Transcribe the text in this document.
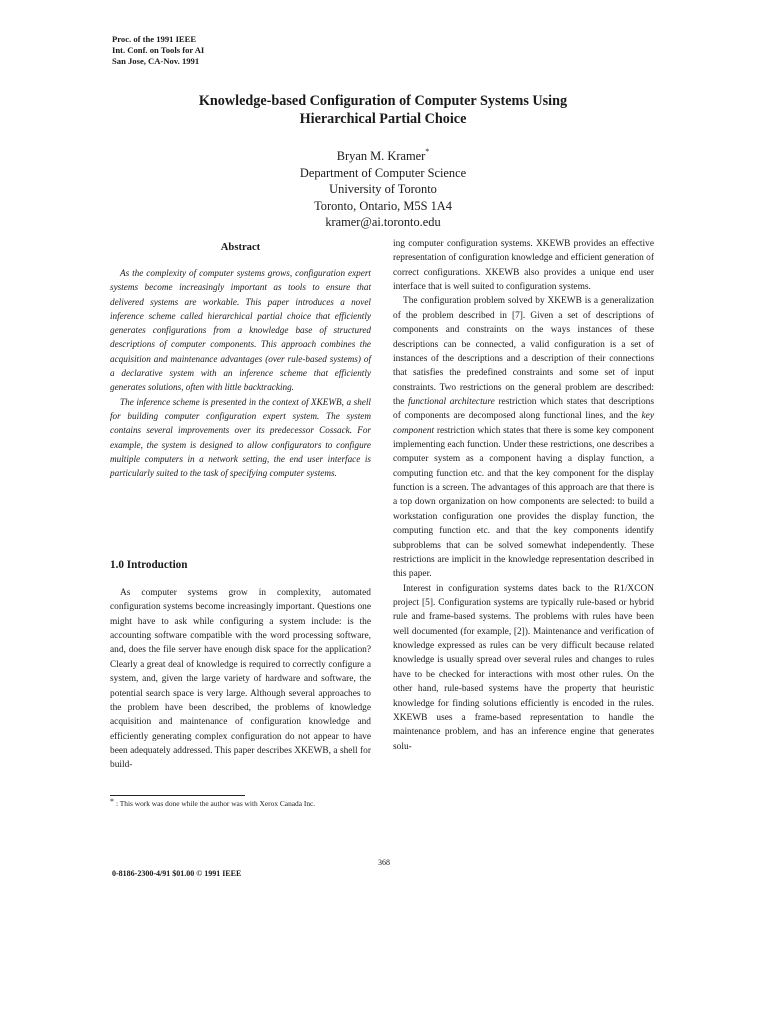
Proc. of the 1991 IEEE
Int. Conf. on Tools for AI
San Jose, CA-Nov. 1991
Knowledge-based Configuration of Computer Systems Using
Hierarchical Partial Choice
Bryan M. Kramer*
Department of Computer Science
University of Toronto
Toronto, Ontario, M5S 1A4
kramer@ai.toronto.edu
Abstract

As the complexity of computer systems grows, configuration expert systems become increasingly important as tools to ensure that delivered systems are workable. This paper introduces a novel inference scheme called hierarchical partial choice that efficiently generates configurations from a knowledge base of structured descriptions of computer components. This approach combines the acquisition and maintenance advantages (over rule-based systems) of a declarative system with an inference scheme that efficiently generates solutions, often with little backtracking.

The inference scheme is presented in the context of XKEWB, a shell for building computer configuration expert system. The system contains several improvements over its predecessor Cossack. For example, the system is designed to allow configurators to configure multiple computers in a network setting, the end user interface is particularly suited to the task of specifying computer systems.

1.0 Introduction

As computer systems grow in complexity, automated configuration systems become increasingly important. Questions one might have to ask while configuring a system include: is the accounting software compatible with the word processing software, and, does the file server have enough disk space for the application? Clearly a great deal of knowledge is required to correctly configure a system, and, given the large variety of hardware and software, the potential search space is very large. Although several approaches to the problem have been described, the problems of knowledge acquisition and maintenance of configuration knowledge and efficiently generating complex configuration do not appear to have been adequately addressed. This paper describes XKEWB, a shell for build-

ing computer configuration systems. XKEWB provides an effective representation of configuration knowledge and efficient generation of correct configurations. XKEWB also provides a unique end user interface that is well suited to configuration systems.

The configuration problem solved by XKEWB is a generalization of the problem described in [7]. Given a set of descriptions of components and constraints on the ways instances of these descriptions can be connected, a valid configuration is a set of instances of the descriptions and a description of their connections that satisfies the predefined constraints and some set of input constraints. Two restrictions on the general problem are described: the functional architecture restriction which states that descriptions of components are decomposed along functional lines, and the key component restriction which states that there is some key component implementing each function. Under these restrictions, one describes a computer system as a component having a display function, a computing function etc. and that the key component for the display function is a screen. The advantages of this approach are that there is a top down organization on how components are selected: to build a workstation configuration one provides the display function, the computing function etc. and that the key components identify subproblems that can be solved somewhat independently. These restrictions are implicit in the knowledge representation described in this paper.

Interest in configuration systems dates back to the R1/XCON project [5]. Configuration systems are typically rule-based or hybrid rule and frame-based systems. The problems with rules have been well documented (for example, [2]). Maintenance and verification of knowledge expressed as rules can be very difficult because related knowledge is usually spread over several rules and changes to rules have to be checked for interactions with most other rules. On the other hand, rule-based systems have the property that heuristic knowledge for finding solutions efficiently is encoded in the rules. XKEWB uses a frame-based representation to handle the maintenance problem, and has an inference engine that generates solu-

* : This work was done while the author was with Xerox Canada Inc.
368
0-8186-2300-4/91 $01.00 © 1991 IEEE
